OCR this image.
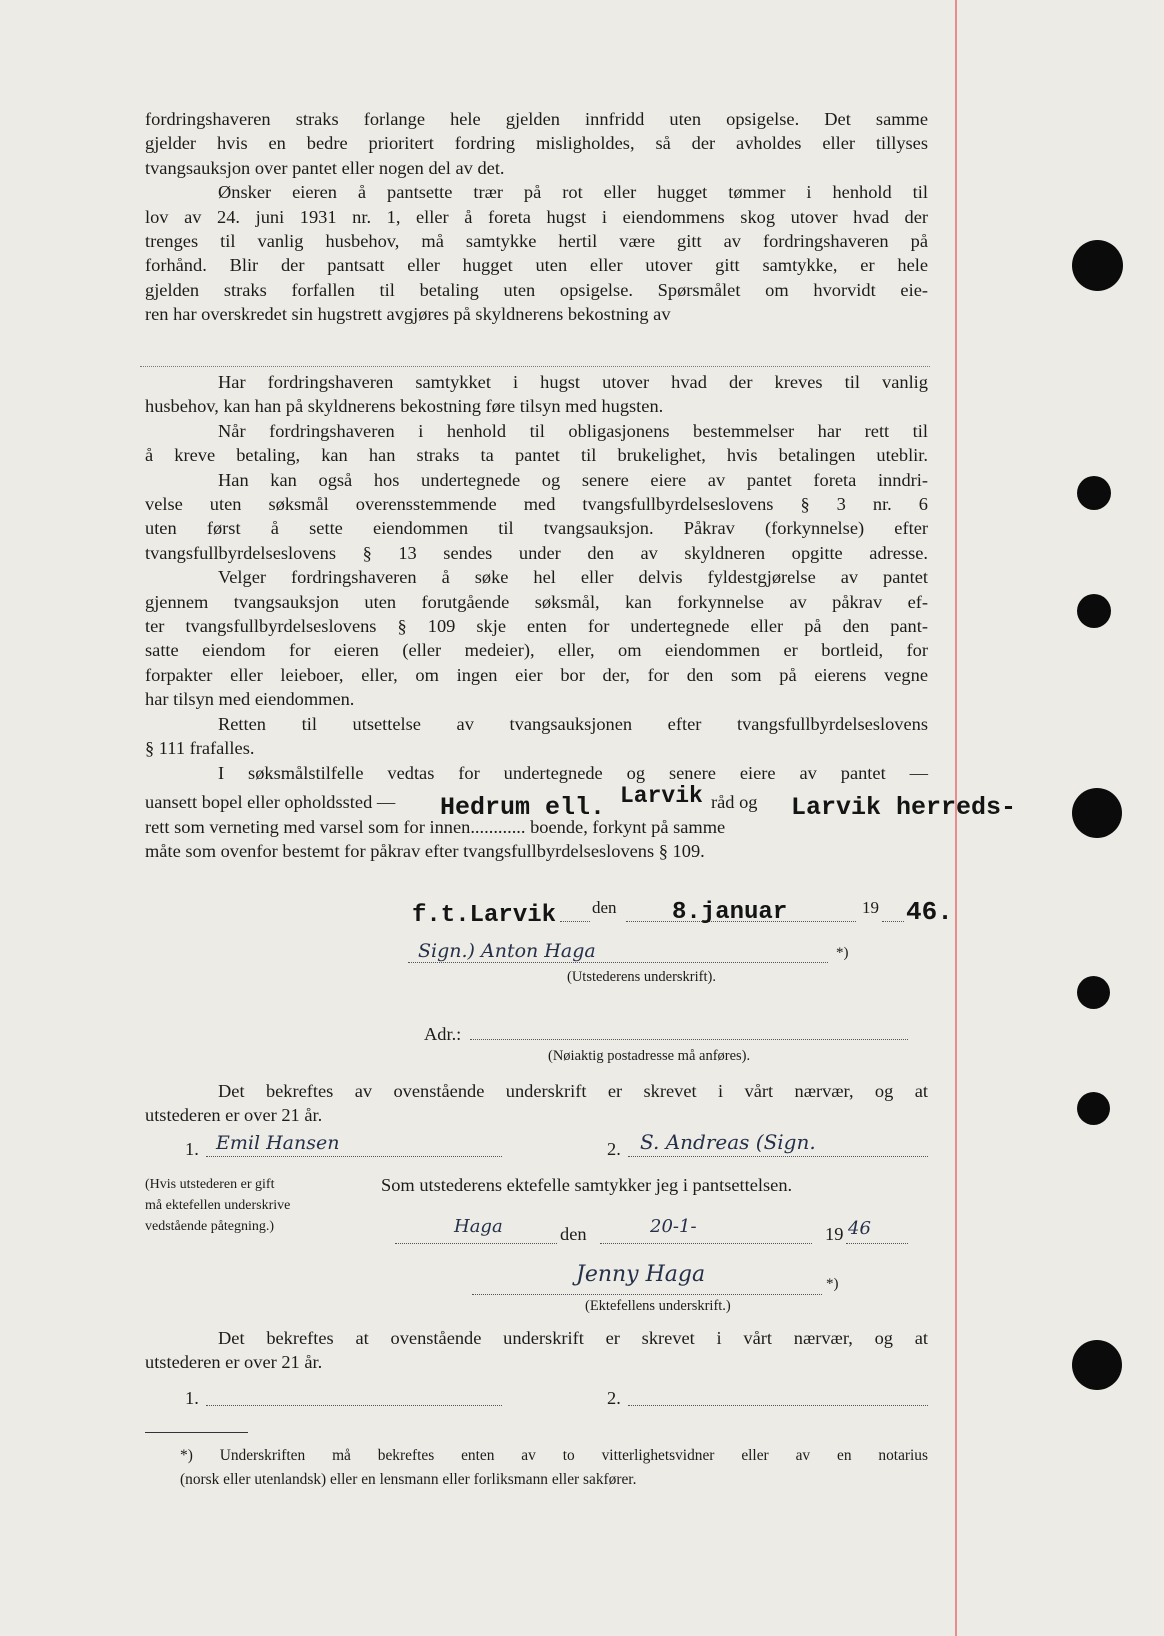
fordringshaveren straks forlange hele gjelden innfridd uten opsigelse. Det samme

gjelder hvis en bedre prioritert fordring misligholdes, så der avholdes eller tillyses

tvangsauksjon over pantet eller nogen del av det.

Ønsker eieren å pantsette trær på rot eller hugget tømmer i henhold til

lov av 24. juni 1931 nr. 1, eller å foreta hugst i eiendommens skog utover hvad der

trenges til vanlig husbehov, må samtykke hertil være gitt av fordringshaveren på

forhånd. Blir der pantsatt eller hugget uten eller utover gitt samtykke, er hele

gjelden straks forfallen til betaling uten opsigelse. Spørsmålet om hvorvidt eie-

ren har overskredet sin hugstrett avgjøres på skyldnerens bekostning av

Har fordringshaveren samtykket i hugst utover hvad der kreves til vanlig

husbehov, kan han på skyldnerens bekostning føre tilsyn med hugsten.

Når fordringshaveren i henhold til obligasjonens bestemmelser har rett til

å kreve betaling, kan han straks ta pantet til brukelighet, hvis betalingen uteblir.

Han kan også hos undertegnede og senere eiere av pantet foreta inndri-

velse uten søksmål overensstemmende med tvangsfullbyrdelseslovens § 3 nr. 6

uten først å sette eiendommen til tvangsauksjon. Påkrav (forkynnelse) efter

tvangsfullbyrdelseslovens § 13 sendes under den av skyldneren opgitte adresse.

Velger fordringshaveren å søke hel eller delvis fyldestgjørelse av pantet

gjennem tvangsauksjon uten forutgående søksmål, kan forkynnelse av påkrav ef-

ter tvangsfullbyrdelseslovens § 109 skje enten for undertegnede eller på den pant-

satte eiendom for eieren (eller medeier), eller, om eiendommen er bortleid, for

forpakter eller leieboer, eller, om ingen eier bor der, for den som på eierens vegne

har tilsyn med eiendommen.

Retten til utsettelse av tvangsauksjonen efter tvangsfullbyrdelseslovens

§ 111 frafalles.

I søksmålstilfelle vedtas for undertegnede og senere eiere av pantet —

uansett bopel eller opholdssted —	råd og
Hedrum ell. Larvik	Larvik herreds-
rett som verneting med varsel som for innen............ boende, forkynt på samme
måte som ovenfor bestemt for påkrav efter tvangsfullbyrdelseslovens § 109.
f.t.Larvik den 8.januar	19 46.
Sign.) Anton Haga	*)
(Utstederens underskrift).
Adr.:
(Nøiaktig postadresse må anføres).

Det bekreftes av ovenstående underskrift er skrevet i vårt nærvær, og at

utstederen er over 21 år.

1. Emil Hansen	2. S. Andreas (Sign.
(Hvis utstederen er gift
må ektefellen underskrive
vedstående påtegning.)
Som utstederens ektefelle samtykker jeg i pantsettelsen.
Haga	den	20-1-	19 46
Jenny Haga	*)
(Ektefellens underskrift.)

Det bekreftes at ovenstående underskrift er skrevet i vårt nærvær, og at

utstederen er over 21 år.

1.	2.

*) Underskriften må bekreftes enten av to vitterlighetsvidner eller av en notarius

(norsk eller utenlandsk) eller en lensmann eller forliksmann eller sakfører.
